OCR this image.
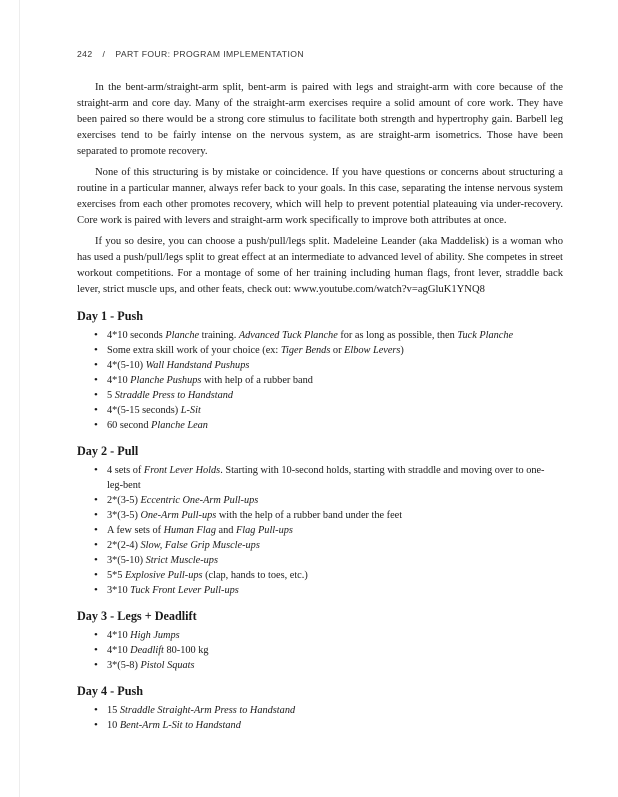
242 / PART FOUR: PROGRAM IMPLEMENTATION

In the bent-arm/straight-arm split, bent-arm is paired with legs and straight-arm with core because of the straight-arm and core day. Many of the straight-arm exercises require a solid amount of core work. They have been paired so there would be a strong core stimulus to facilitate both strength and hypertrophy gain. Barbell leg exercises tend to be fairly intense on the nervous system, as are straight-arm isometrics. Those have been separated to promote recovery.

None of this structuring is by mistake or coincidence. If you have questions or concerns about structuring a routine in a particular manner, always refer back to your goals. In this case, separating the intense nervous system exercises from each other promotes recovery, which will help to prevent potential plateauing via under-recovery. Core work is paired with levers and straight-arm work specifically to improve both attributes at once.

If you so desire, you can choose a push/pull/legs split. Madeleine Leander (aka Maddelisk) is a woman who has used a push/pull/legs split to great effect at an intermediate to advanced level of ability. She competes in street workout competitions. For a montage of some of her training including human flags, front lever, straddle back lever, strict muscle ups, and other feats, check out: www.youtube.com/watch?v=agGluK1YNQ8

Day 1 - Push
• 4*10 seconds Planche training. Advanced Tuck Planche for as long as possible, then Tuck Planche
• Some extra skill work of your choice (ex: Tiger Bends or Elbow Levers)
• 4*(5-10) Wall Handstand Pushups
• 4*10 Planche Pushups with help of a rubber band
• 5 Straddle Press to Handstand
• 4*(5-15 seconds) L-Sit
• 60 second Planche Lean
Day 2 - Pull
• 4 sets of Front Lever Holds. Starting with 10-second holds, starting with straddle and moving over to one-leg-bent
• 2*(3-5) Eccentric One-Arm Pull-ups
• 3*(3-5) One-Arm Pull-ups with the help of a rubber band under the feet
• A few sets of Human Flag and Flag Pull-ups
• 2*(2-4) Slow, False Grip Muscle-ups
• 3*(5-10) Strict Muscle-ups
• 5*5 Explosive Pull-ups (clap, hands to toes, etc.)
• 3*10 Tuck Front Lever Pull-ups
Day 3 - Legs + Deadlift
• 4*10 High Jumps
• 4*10 Deadlift 80-100 kg
• 3*(5-8) Pistol Squats
Day 4 - Push
• 15 Straddle Straight-Arm Press to Handstand
• 10 Bent-Arm L-Sit to Handstand
